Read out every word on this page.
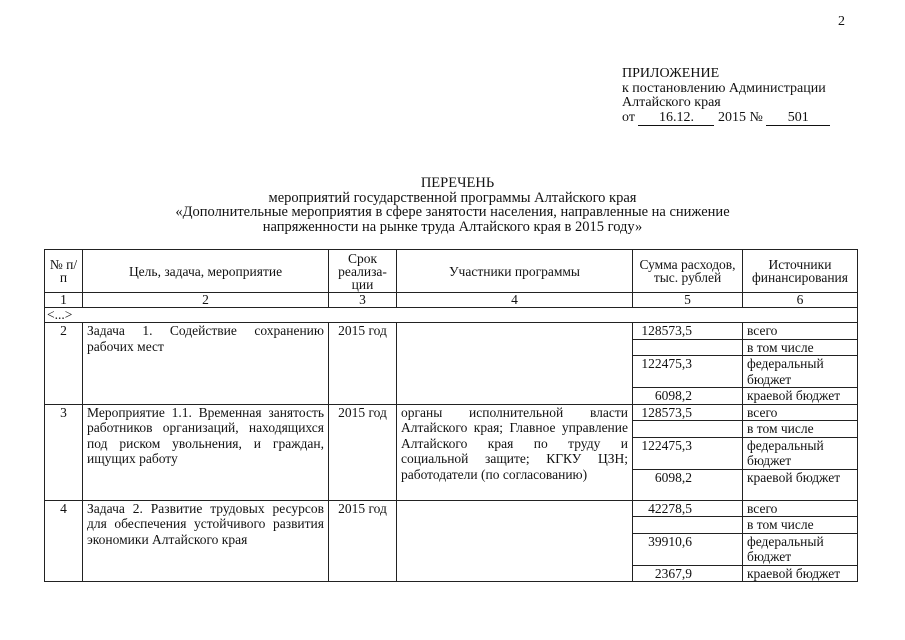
2
ПРИЛОЖЕНИЕ
к постановлению Администрации
Алтайского края
от 16.12. 2015 № 501
ПЕРЕЧЕНЬ
мероприятий государственной программы Алтайского края
«Дополнительные мероприятия в сфере занятости населения, направленные на снижение
напряженности на рынке труда Алтайского края в 2015 году»
№ п/п	Цель, задача, мероприятие	Срок реализа-ции	Участники программы	Сумма расходов, тыс. рублей	Источники финансирования
1	2	3	4	5	6
<...>					
2	Задача 1. Содействие сохранению рабочих мест	2015 год		128573,5	всего
					в том числе
				122475,3	федеральный бюджет
				6098,2	краевой бюджет
3	Мероприятие 1.1. Временная занятость работников организаций, находящихся под риском увольнения, и граждан, ищущих работу	2015 год	органы исполнительной власти Алтайского края; Главное управление Алтайского края по труду и социальной защите; КГКУ ЦЗН; работодатели (по согласованию)	128573,5	всего
					в том числе
				122475,3	федеральный бюджет
				6098,2	краевой бюджет
4	Задача 2. Развитие трудовых ресурсов для обеспечения устойчивого развития экономики Алтайского края	2015 год		42278,5	всего
					в том числе
				39910,6	федеральный бюджет
				2367,9	краевой бюджет
